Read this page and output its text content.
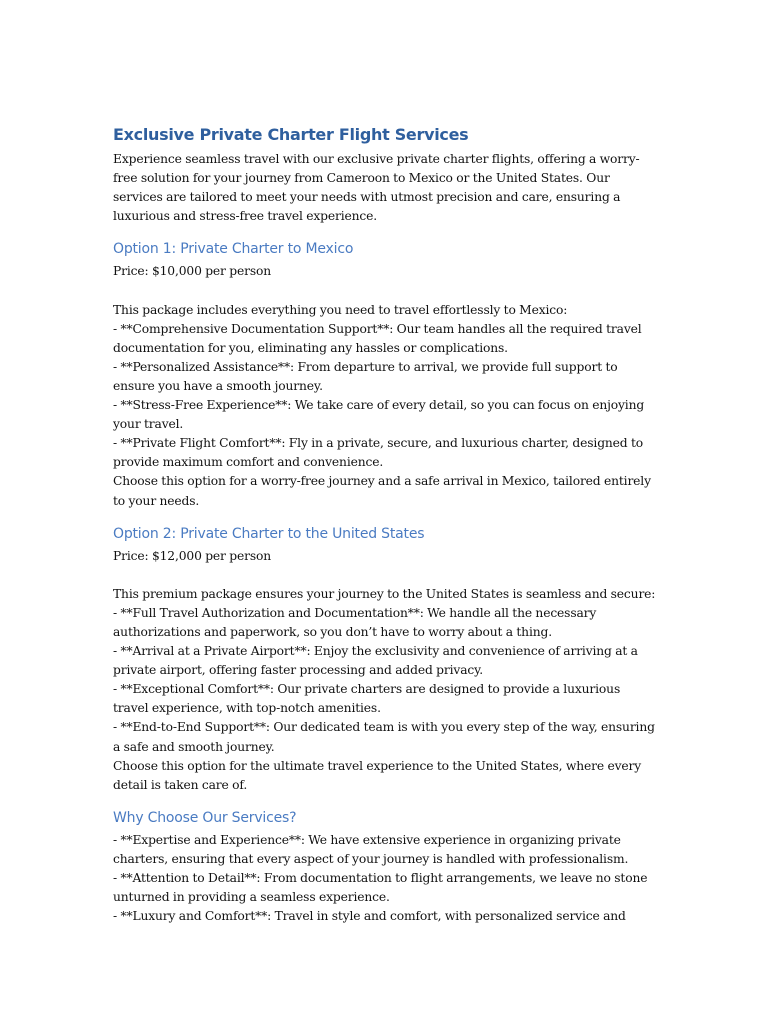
Exclusive Private Charter Flight Services

Experience seamless travel with our exclusive private charter flights, offering a worry-free solution for your journey from Cameroon to Mexico or the United States. Our services are tailored to meet your needs with utmost precision and care, ensuring a luxurious and stress-free travel experience.

Option 1: Private Charter to Mexico

Price: $10,000 per person

This package includes everything you need to travel effortlessly to Mexico:

- **Comprehensive Documentation Support**: Our team handles all the required travel documentation for you, eliminating any hassles or complications.

- **Personalized Assistance**: From departure to arrival, we provide full support to ensure you have a smooth journey.

- **Stress-Free Experience**: We take care of every detail, so you can focus on enjoying your travel.

- **Private Flight Comfort**: Fly in a private, secure, and luxurious charter, designed to provide maximum comfort and convenience.

Choose this option for a worry-free journey and a safe arrival in Mexico, tailored entirely to your needs.

Option 2: Private Charter to the United States

Price: $12,000 per person

This premium package ensures your journey to the United States is seamless and secure:

- **Full Travel Authorization and Documentation**: We handle all the necessary authorizations and paperwork, so you don’t have to worry about a thing.

- **Arrival at a Private Airport**: Enjoy the exclusivity and convenience of arriving at a private airport, offering faster processing and added privacy.

- **Exceptional Comfort**: Our private charters are designed to provide a luxurious travel experience, with top-notch amenities.

- **End-to-End Support**: Our dedicated team is with you every step of the way, ensuring a safe and smooth journey.

Choose this option for the ultimate travel experience to the United States, where every detail is taken care of.

Why Choose Our Services?

- **Expertise and Experience**: We have extensive experience in organizing private charters, ensuring that every aspect of your journey is handled with professionalism.

- **Attention to Detail**: From documentation to flight arrangements, we leave no stone unturned in providing a seamless experience.

- **Luxury and Comfort**: Travel in style and comfort, with personalized service and
